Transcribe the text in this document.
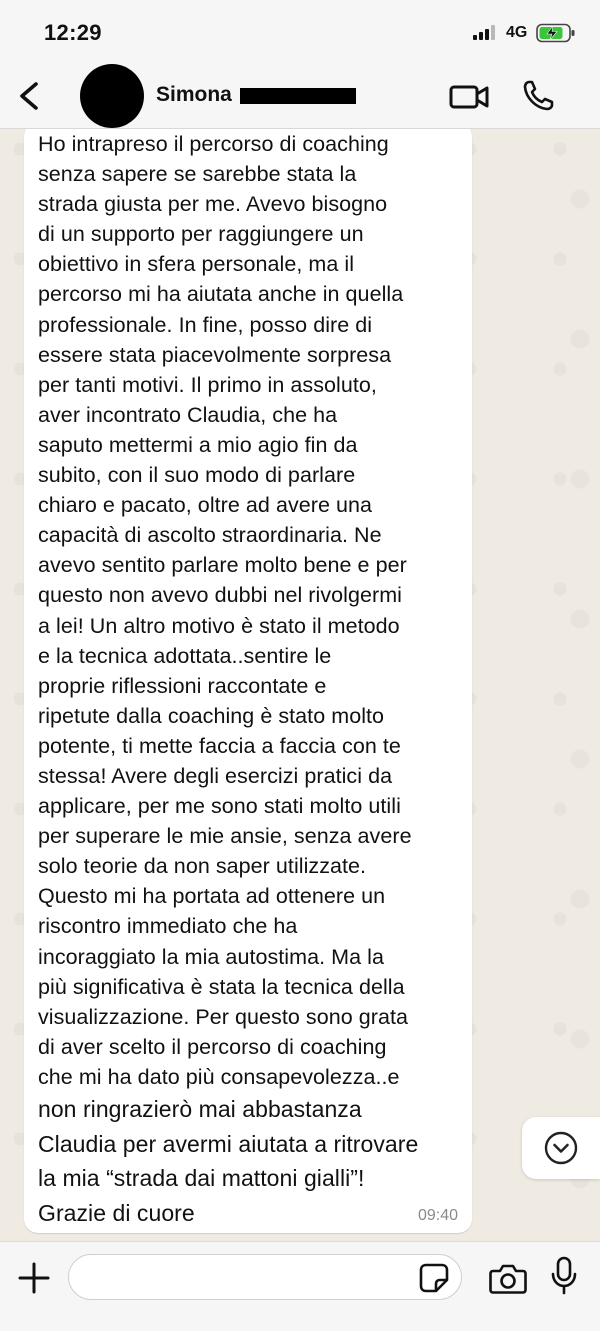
12:29	4G
Simona
Ho intrapreso il percorso di coaching
senza sapere se sarebbe stata la
strada giusta per me. Avevo bisogno
di un supporto per raggiungere un
obiettivo in sfera personale, ma il
percorso mi ha aiutata anche in quella
professionale. In fine, posso dire di
essere stata piacevolmente sorpresa
per tanti motivi. Il primo in assoluto,
aver incontrato Claudia, che ha
saputo mettermi a mio agio fin da
subito, con il suo modo di parlare
chiaro e pacato, oltre ad avere una
capacità di ascolto straordinaria. Ne
avevo sentito parlare molto bene e per
questo non avevo dubbi nel rivolgermi
a lei! Un altro motivo è stato il metodo
e la tecnica adottata..sentire le
proprie riflessioni raccontate e
ripetute dalla coaching è stato molto
potente, ti mette faccia a faccia con te
stessa! Avere degli esercizi pratici da
applicare, per me sono stati molto utili
per superare le mie ansie, senza avere
solo teorie da non saper utilizzate.
Questo mi ha portata ad ottenere un
riscontro immediato che ha
incoraggiato la mia autostima. Ma la
più significativa è stata la tecnica della
visualizzazione. Per questo sono grata
di aver scelto il percorso di coaching
che mi ha dato più consapevolezza..e
non ringrazierò mai abbastanza
Claudia per avermi aiutata a ritrovare
la mia “strada dai mattoni gialli”!
Grazie di cuore	09:40
